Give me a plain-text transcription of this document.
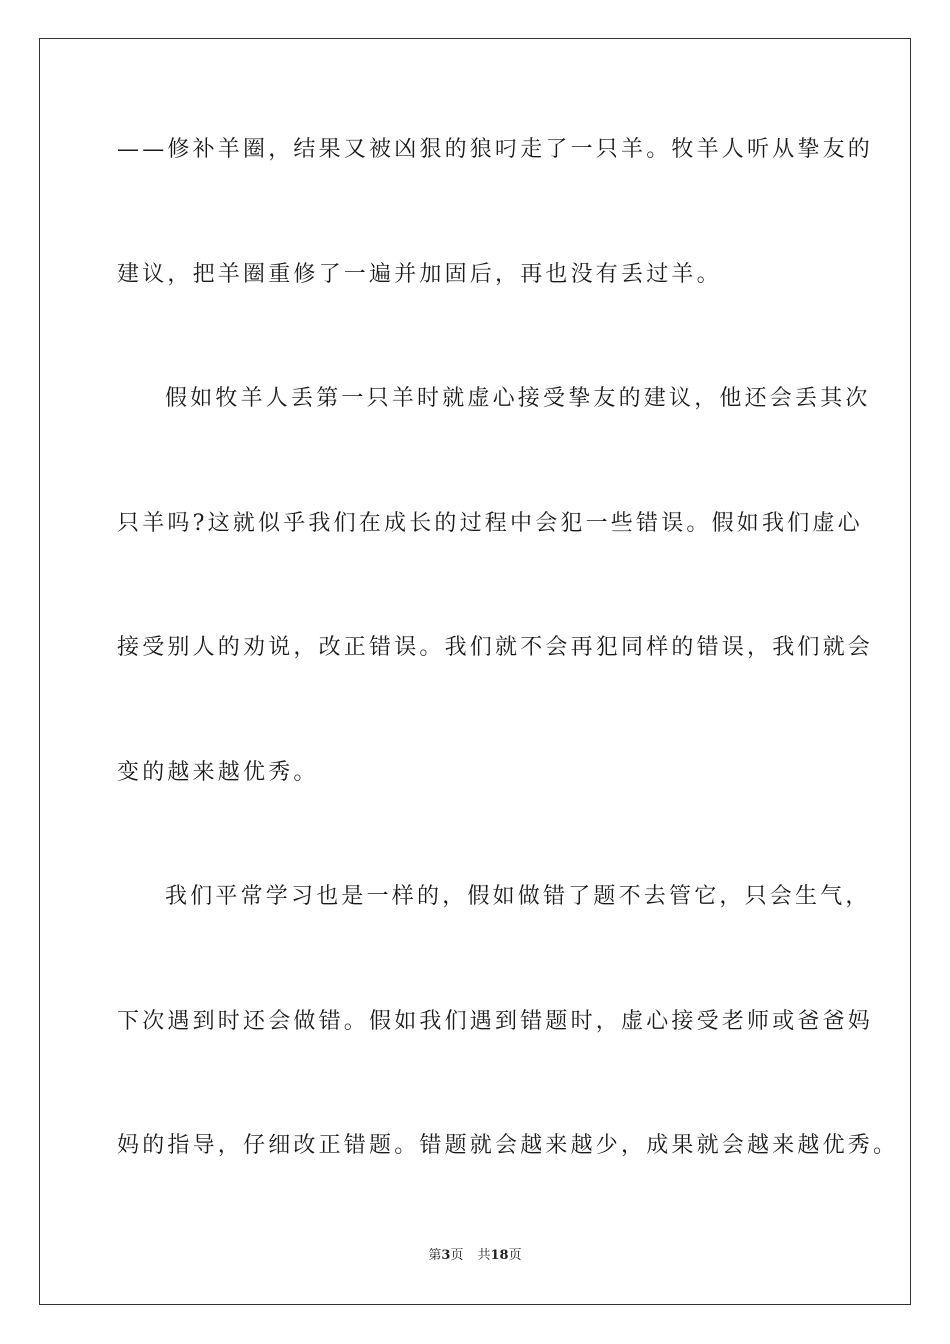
——修补羊圈，结果又被凶狠的狼叼走了一只羊。牧羊人听从挚友的
建议，把羊圈重修了一遍并加固后，再也没有丢过羊。
假如牧羊人丢第一只羊时就虚心接受挚友的建议，他还会丢其次
只羊吗?这就似乎我们在成长的过程中会犯一些错误。假如我们虚心
接受别人的劝说，改正错误。我们就不会再犯同样的错误，我们就会
变的越来越优秀。
我们平常学习也是一样的，假如做错了题不去管它，只会生气，
下次遇到时还会做错。假如我们遇到错题时，虚心接受老师或爸爸妈
妈的指导，仔细改正错题。错题就会越来越少，成果就会越来越优秀。
第3页 共18页
